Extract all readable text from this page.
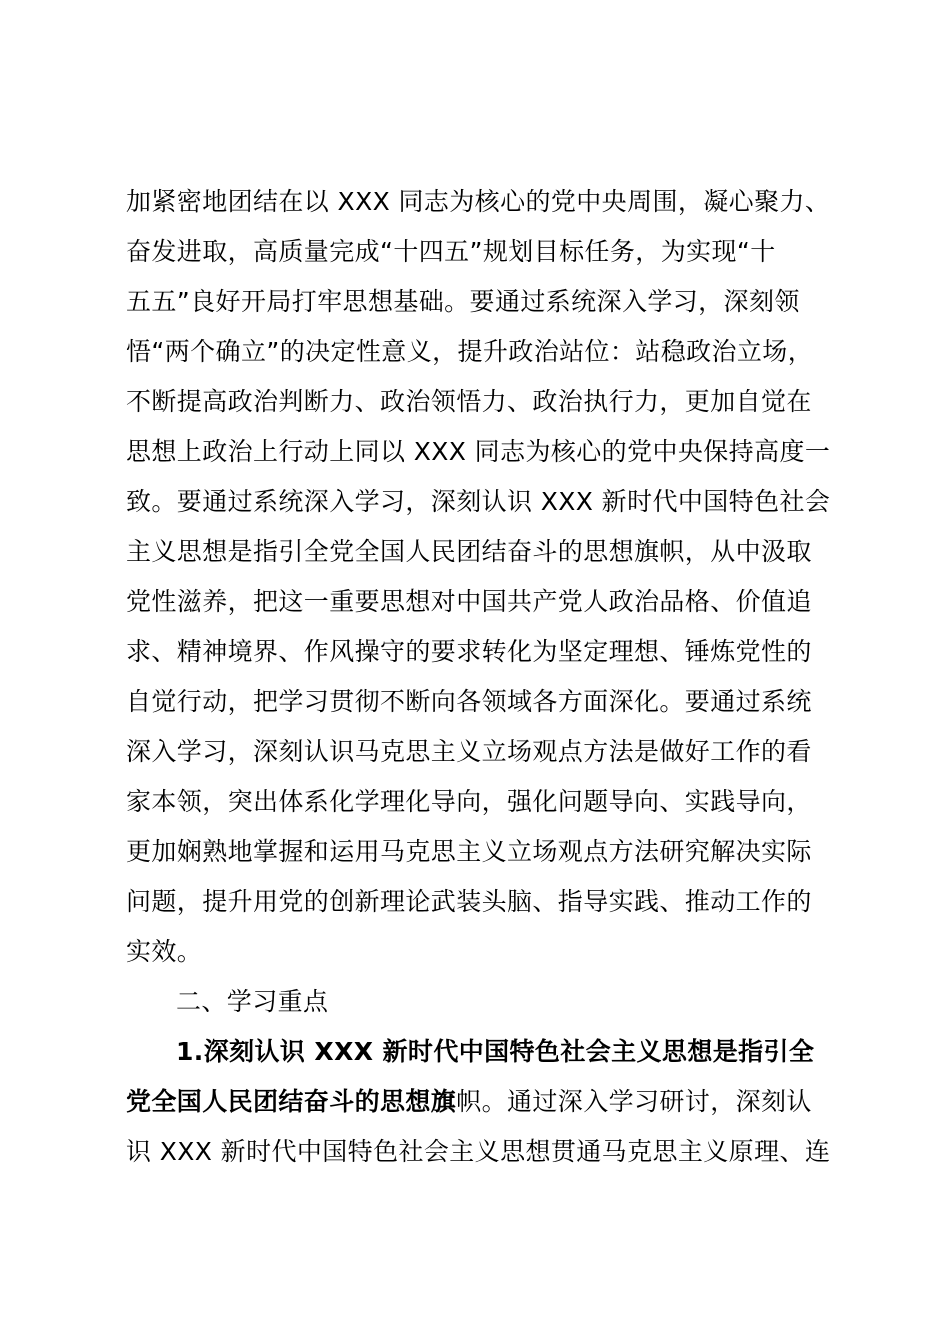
加紧密地团结在以 XXX 同志为核心的党中央周围，凝心聚力、
奋发进取，高质量完成“十四五”规划目标任务，为实现“十
五五”良好开局打牢思想基础。要通过系统深入学习，深刻领
悟“两个确立”的决定性意义，提升政治站位：站稳政治立场，
不断提高政治判断力、政治领悟力、政治执行力，更加自觉在
思想上政治上行动上同以 XXX 同志为核心的党中央保持高度一
致。要通过系统深入学习，深刻认识 XXX 新时代中国特色社会
主义思想是指引全党全国人民团结奋斗的思想旗帜，从中汲取
党性滋养，把这一重要思想对中国共产党人政治品格、价值追
求、精神境界、作风操守的要求转化为坚定理想、锤炼党性的
自觉行动，把学习贯彻不断向各领域各方面深化。要通过系统
深入学习，深刻认识马克思主义立场观点方法是做好工作的看
家本领，突出体系化学理化导向，强化问题导向、实践导向，
更加娴熟地掌握和运用马克思主义立场观点方法研究解决实际
问题，提升用党的创新理论武装头脑、指导实践、推动工作的
实效。
二、学习重点
1.深刻认识 XXX 新时代中国特色社会主义思想是指引全
党全国人民团结奋斗的思想旗帜。通过深入学习研讨，深刻认
识 XXX 新时代中国特色社会主义思想贯通马克思主义原理、连
